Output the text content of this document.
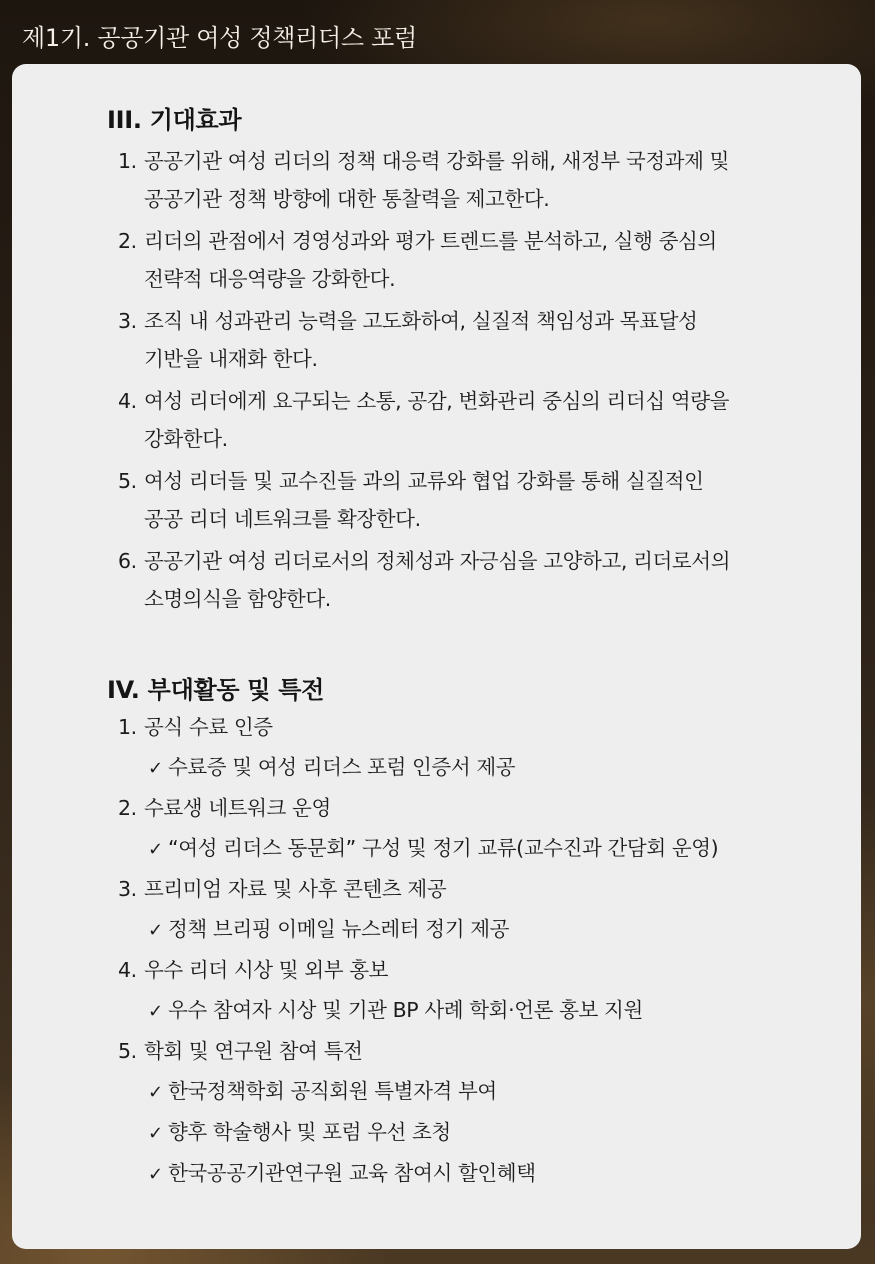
제1기. 공공기관 여성 정책리더스 포럼
III. 기대효과
1. 공공기관 여성 리더의 정책 대응력 강화를 위해, 새정부 국정과제 및
공공기관 정책 방향에 대한 통찰력을 제고한다.
2. 리더의 관점에서 경영성과와 평가 트렌드를 분석하고, 실행 중심의
전략적 대응역량을 강화한다.
3. 조직 내 성과관리 능력을 고도화하여, 실질적 책임성과 목표달성
기반을 내재화 한다.
4. 여성 리더에게 요구되는 소통, 공감, 변화관리 중심의 리더십 역량을
강화한다.
5. 여성 리더들 및 교수진들 과의 교류와 협업 강화를 통해 실질적인
공공 리더 네트워크를 확장한다.
6. 공공기관 여성 리더로서의 정체성과 자긍심을 고양하고, 리더로서의
소명의식을 함양한다.
IV. 부대활동 및 특전
1. 공식 수료 인증
✓ 수료증 및 여성 리더스 포럼 인증서 제공
2. 수료생 네트워크 운영
✓ “여성 리더스 동문회” 구성 및 정기 교류(교수진과 간담회 운영)
3. 프리미엄 자료 및 사후 콘텐츠 제공
✓ 정책 브리핑 이메일 뉴스레터 정기 제공
4. 우수 리더 시상 및 외부 홍보
✓ 우수 참여자 시상 및 기관 BP 사례 학회·언론 홍보 지원
5. 학회 및 연구원 참여 특전
✓ 한국정책학회 공직회원 특별자격 부여
✓ 향후 학술행사 및 포럼 우선 초청
✓ 한국공공기관연구원 교육 참여시 할인혜택
